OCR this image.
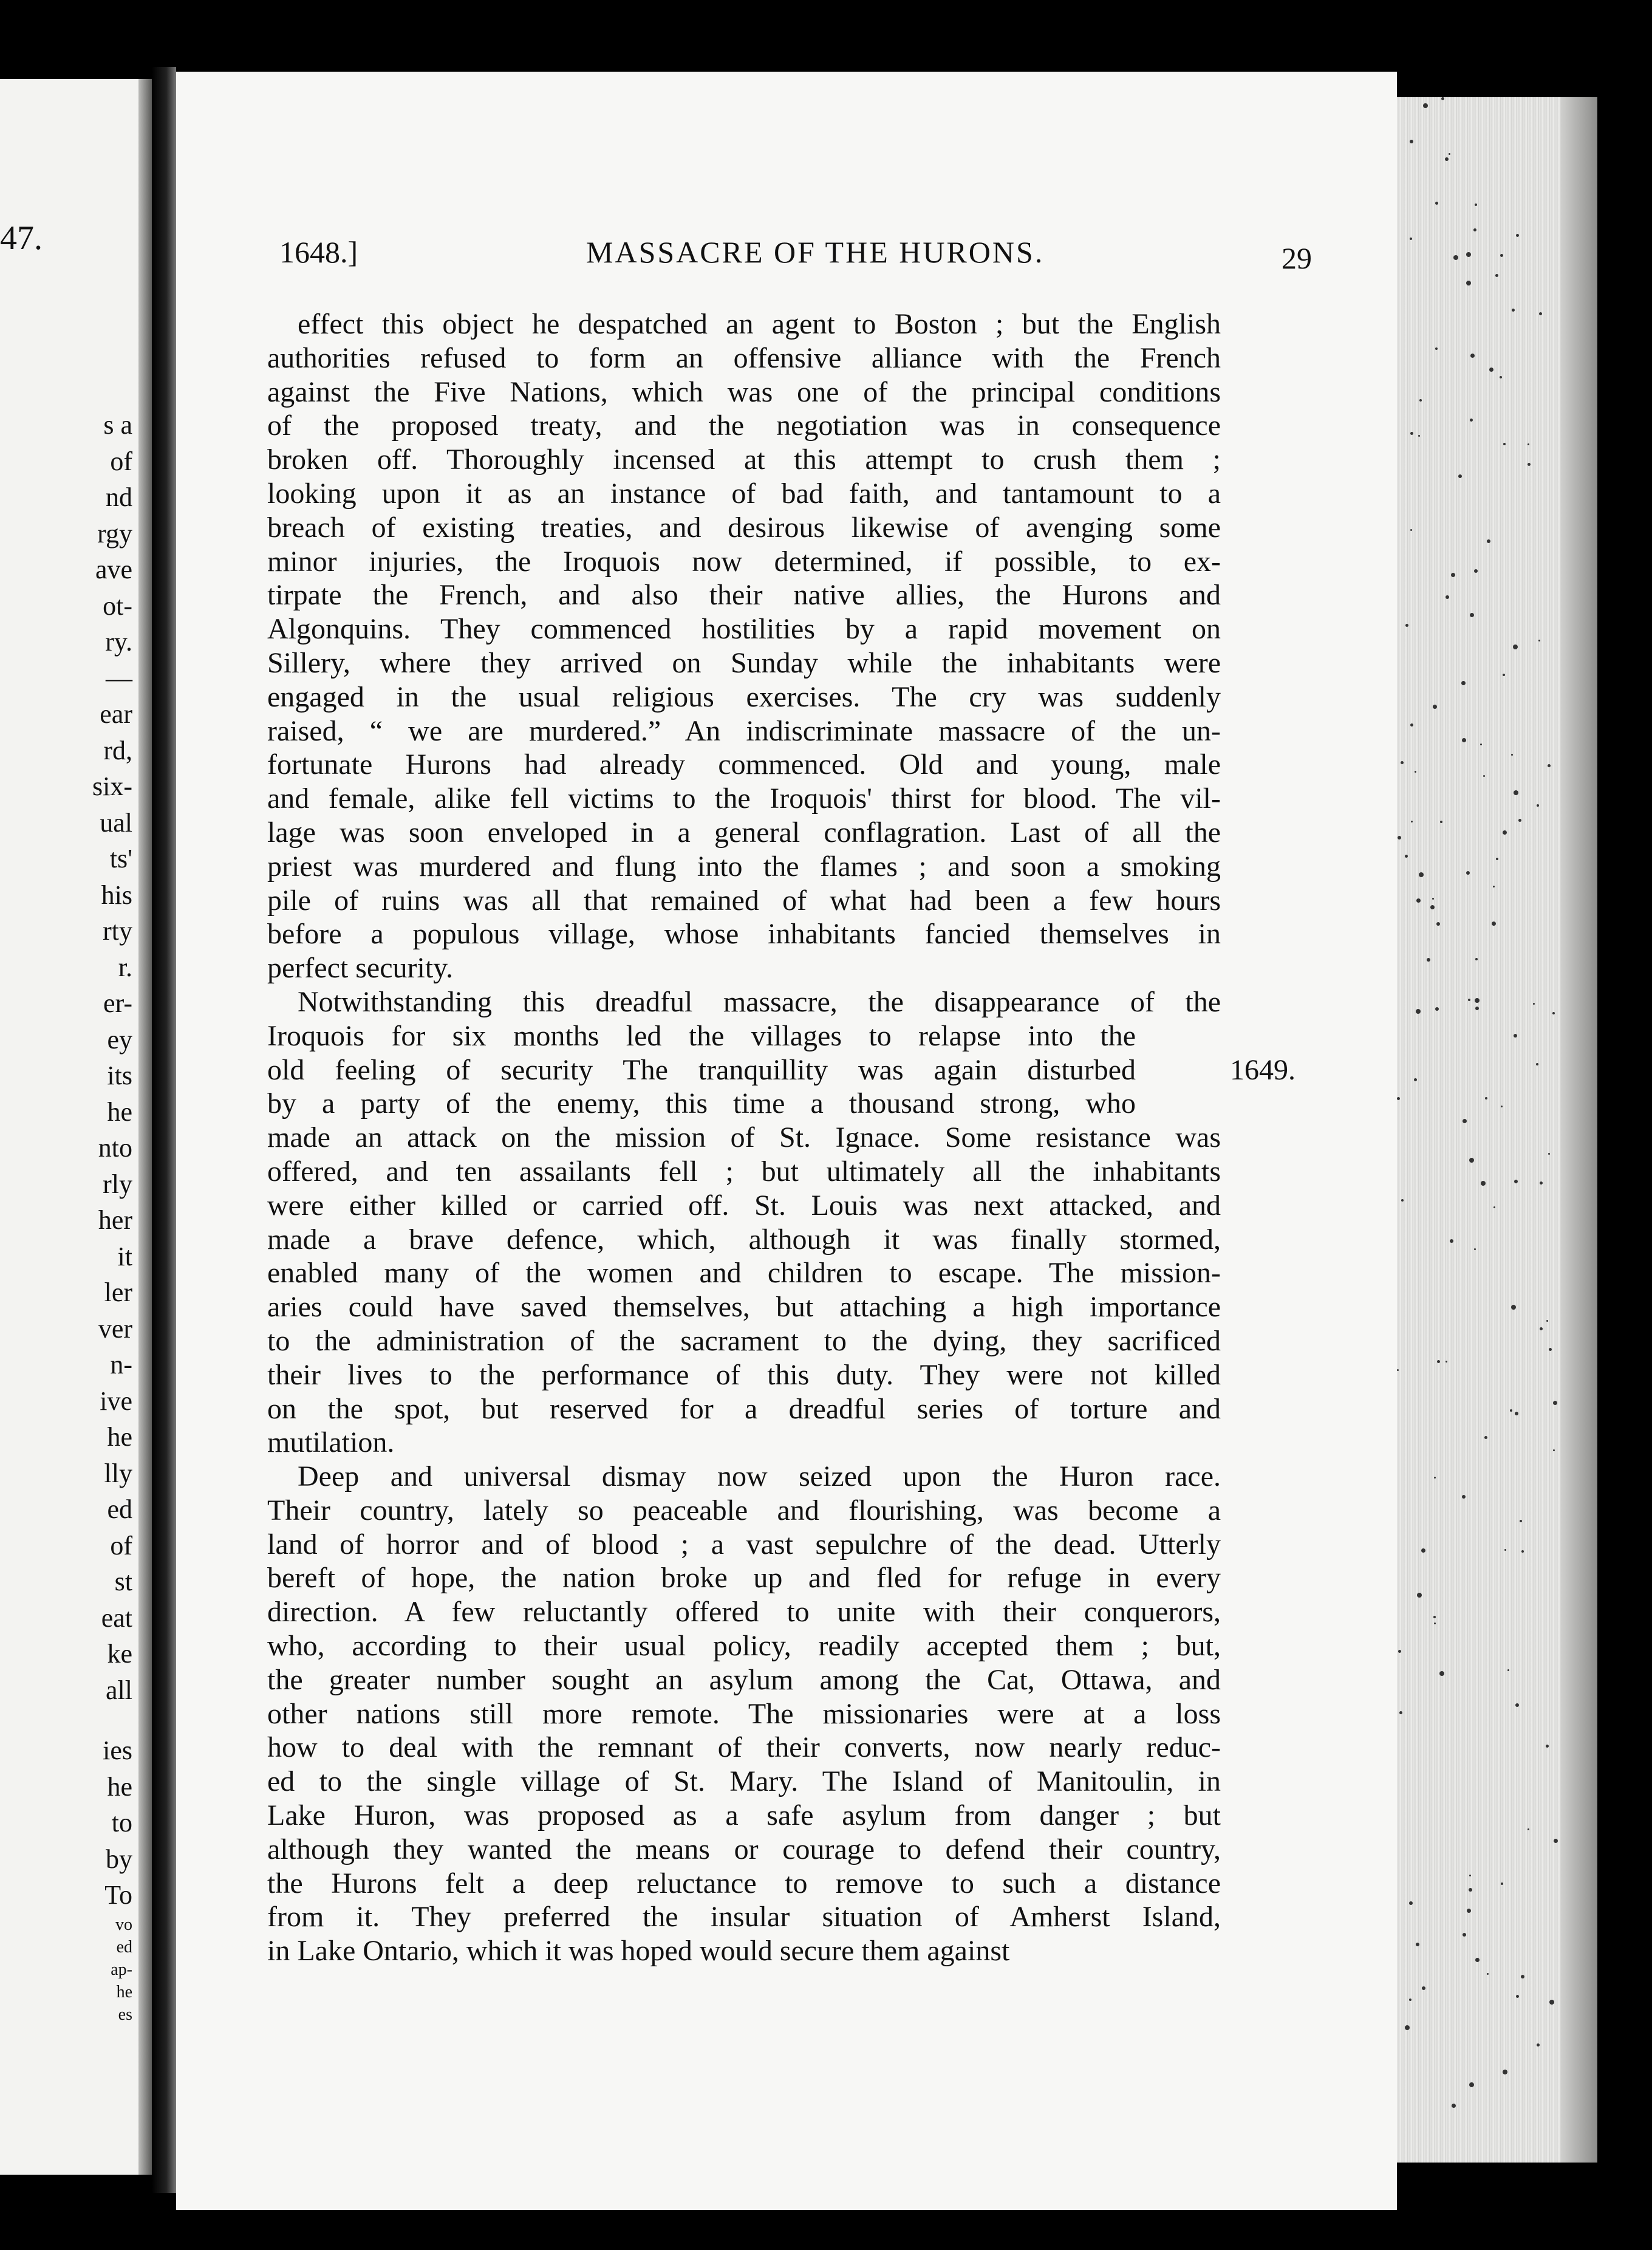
47.
s a
of
nd
rgy
ave
ot-
ry.
—
ear
rd,
six-
ual
ts'
his
rty
r.
er-
ey
its
he
nto
rly
her
it
ler
ver
n-
ive
he
lly
ed
of
st
eat
ke
all
ies
he
to
by
To
vo
ed
ap-
he
es
1648.]	MASSACRE OF THE HURONS.	29
effect this object he despatched an agent to Boston ; but the English
authorities refused to form an offensive alliance with the French
against the Five Nations, which was one of the principal conditions
of the proposed treaty, and the negotiation was in consequence
broken off. Thoroughly incensed at this attempt to crush them ;
looking upon it as an instance of bad faith, and tantamount to a
breach of existing treaties, and desirous likewise of avenging some
minor injuries, the Iroquois now determined, if possible, to ex-
tirpate the French, and also their native allies, the Hurons and
Algonquins. They commenced hostilities by a rapid movement on
Sillery, where they arrived on Sunday while the inhabitants were
engaged in the usual religious exercises. The cry was suddenly
raised, “ we are murdered.” An indiscriminate massacre of the un-
fortunate Hurons had already commenced. Old and young, male
and female, alike fell victims to the Iroquois' thirst for blood. The vil-
lage was soon enveloped in a general conflagration. Last of all the
priest was murdered and flung into the flames ; and soon a smoking
pile of ruins was all that remained of what had been a few hours
before a populous village, whose inhabitants fancied themselves in
perfect security.
Notwithstanding this dreadful massacre, the disappearance of the
Iroquois for six months led the villages to relapse into the
old feeling of security The tranquillity was again disturbed
by a party of the enemy, this time a thousand strong, who
made an attack on the mission of St. Ignace. Some resistance was
offered, and ten assailants fell ; but ultimately all the inhabitants
were either killed or carried off. St. Louis was next attacked, and
made a brave defence, which, although it was finally stormed,
enabled many of the women and children to escape. The mission-
aries could have saved themselves, but attaching a high importance
to the administration of the sacrament to the dying, they sacrificed
their lives to the performance of this duty. They were not killed
on the spot, but reserved for a dreadful series of torture and
mutilation.
1649.
Deep and universal dismay now seized upon the Huron race.
Their country, lately so peaceable and flourishing, was become a
land of horror and of blood ; a vast sepulchre of the dead. Utterly
bereft of hope, the nation broke up and fled for refuge in every
direction. A few reluctantly offered to unite with their conquerors,
who, according to their usual policy, readily accepted them ; but,
the greater number sought an asylum among the Cat, Ottawa, and
other nations still more remote. The missionaries were at a loss
how to deal with the remnant of their converts, now nearly reduc-
ed to the single village of St. Mary. The Island of Manitoulin, in
Lake Huron, was proposed as a safe asylum from danger ; but
although they wanted the means or courage to defend their country,
the Hurons felt a deep reluctance to remove to such a distance
from it. They preferred the insular situation of Amherst Island,
in Lake Ontario, which it was hoped would secure them against
